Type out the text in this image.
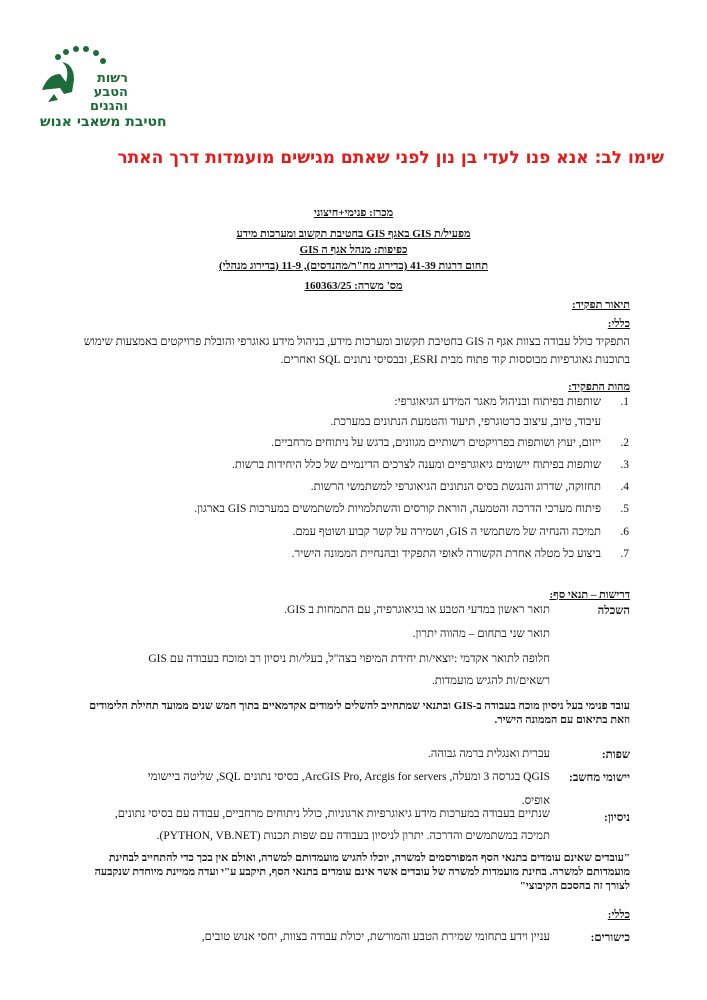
רשות
הטבע
והגנים
חטיבת משאבי אנוש
שימו לב: אנא פנו לעדי בן נון לפני שאתם מגישים מועמדות דרך האתר
מכרז: פנימי+חיצוני
מפעיל/ת GIS באגף GIS בחטיבת תקשוב ומערכות מידע
כפיפות: מנהל אגף ה GIS
תחום דרגות 41-39 (בדירוג מח"ר/מהנדסים), 11-9 (בדירוג מנהלי)
מס' משרה: 160363/25
תיאור תפקיד:
כללי:
התפקיד כולל עבודה בצוות אגף ה GIS בחטיבת תקשוב ומערכות מידע, בניהול מידע גאוגרפי והובלת פרויקטים באמצעות שימוש בתוכנות גאוגרפיות מבוססות קוד פתוח מבית ESRI, ובבסיסי נתונים SQL ואחרים.
מהות התפקיד:
1.
שותפות בפיתוח ובניהול מאגר המידע הגיאוגרפי:
עיבוד, טיוב, עיצוב כרטוגרפי, תיעוד והטמעת הנתונים במערכת.
2.
ייזום, יעוץ ושותפות בפרויקטים רשותיים מגוונים, בדגש על ניתוחים מרחביים.
3.
שותפות בפיתוח יישומים גיאוגרפיים ומענה לצרכים הדינמיים של כלל היחידות ברשות.
4.
תחזוקה, שדרוג והנגשת בסיס הנתונים הגיאוגרפי למשתמשי הרשות.
5.
פיתוח מערכי הדרכה והטמעה, הוראת קורסים והשתלמויות למשתמשים במערכות GIS בארגון.
6.
תמיכה והנחיה של משתמשי ה GIS, ושמירה על קשר קבוע ושוטף עמם.
7.
ביצוע כל מטלה אחרת הקשורה לאופי התפקיד ובהנחיית הממונה הישיר.
דרישות – תנאי סף:
השכלה
תואר ראשון במדעי הטבע או בגיאוגרפיה, עם התמחות ב GIS.
תואר שני בתחום – מהווה יתרון.
חלופה לתואר אקדמי :יוצאי/ות יחידת המיפוי בצה"ל, בעלי/ות ניסיון רב ומוכח בעבודה עם GIS
רשאים/ות להגיש מועמדות.
עובד פנימי בעל ניסיון מוכח בעבודה ב-GIS ובתנאי שמתחייב להשלים לימודים אקדמאיים בתוך חמש שנים ממועד תחילת הלימודים וזאת בתיאום עם הממונה הישיר.
שפות:
עברית ואנגלית ברמה גבוהה.
יישומי מחשב:
QGIS בגרסה 3 ומעלה, ArcGIS Pro, Arcgis for servers, בסיסי נתונים SQL, שליטה ביישומי
אופיס.
ניסיון:
שנתיים בעבודה במערכות מידע גיאוגרפיות ארגוניות, כולל ניתוחים מרחביים, עבודה עם בסיסי נתונים,
תמיכה במשתמשים והדרכה. יתרון לניסיון בעבודה עם שפות תכנות (PYTHON, VB.NET).
"עובדים שאינם עומדים בתנאי הסף המפורסמים למשרה, יוכלו להגיש מועמדותם למשרה, ואולם אין בכך כדי להתחייב לבחינת מועמדותם למשרה. בחינת מועמדות למשרה של עובדים אשר אינם עומדים בתנאי הסף, תיקבע ע"י ועדה ממיינת מיוחדת שנקבעה לצורך זה בהסכם הקיבוצי"
כללי:
כישורים:
עניין וידע בתחומי שמירת הטבע והמורשת, יכולת עבודה בצוות, יחסי אנוש טובים,
